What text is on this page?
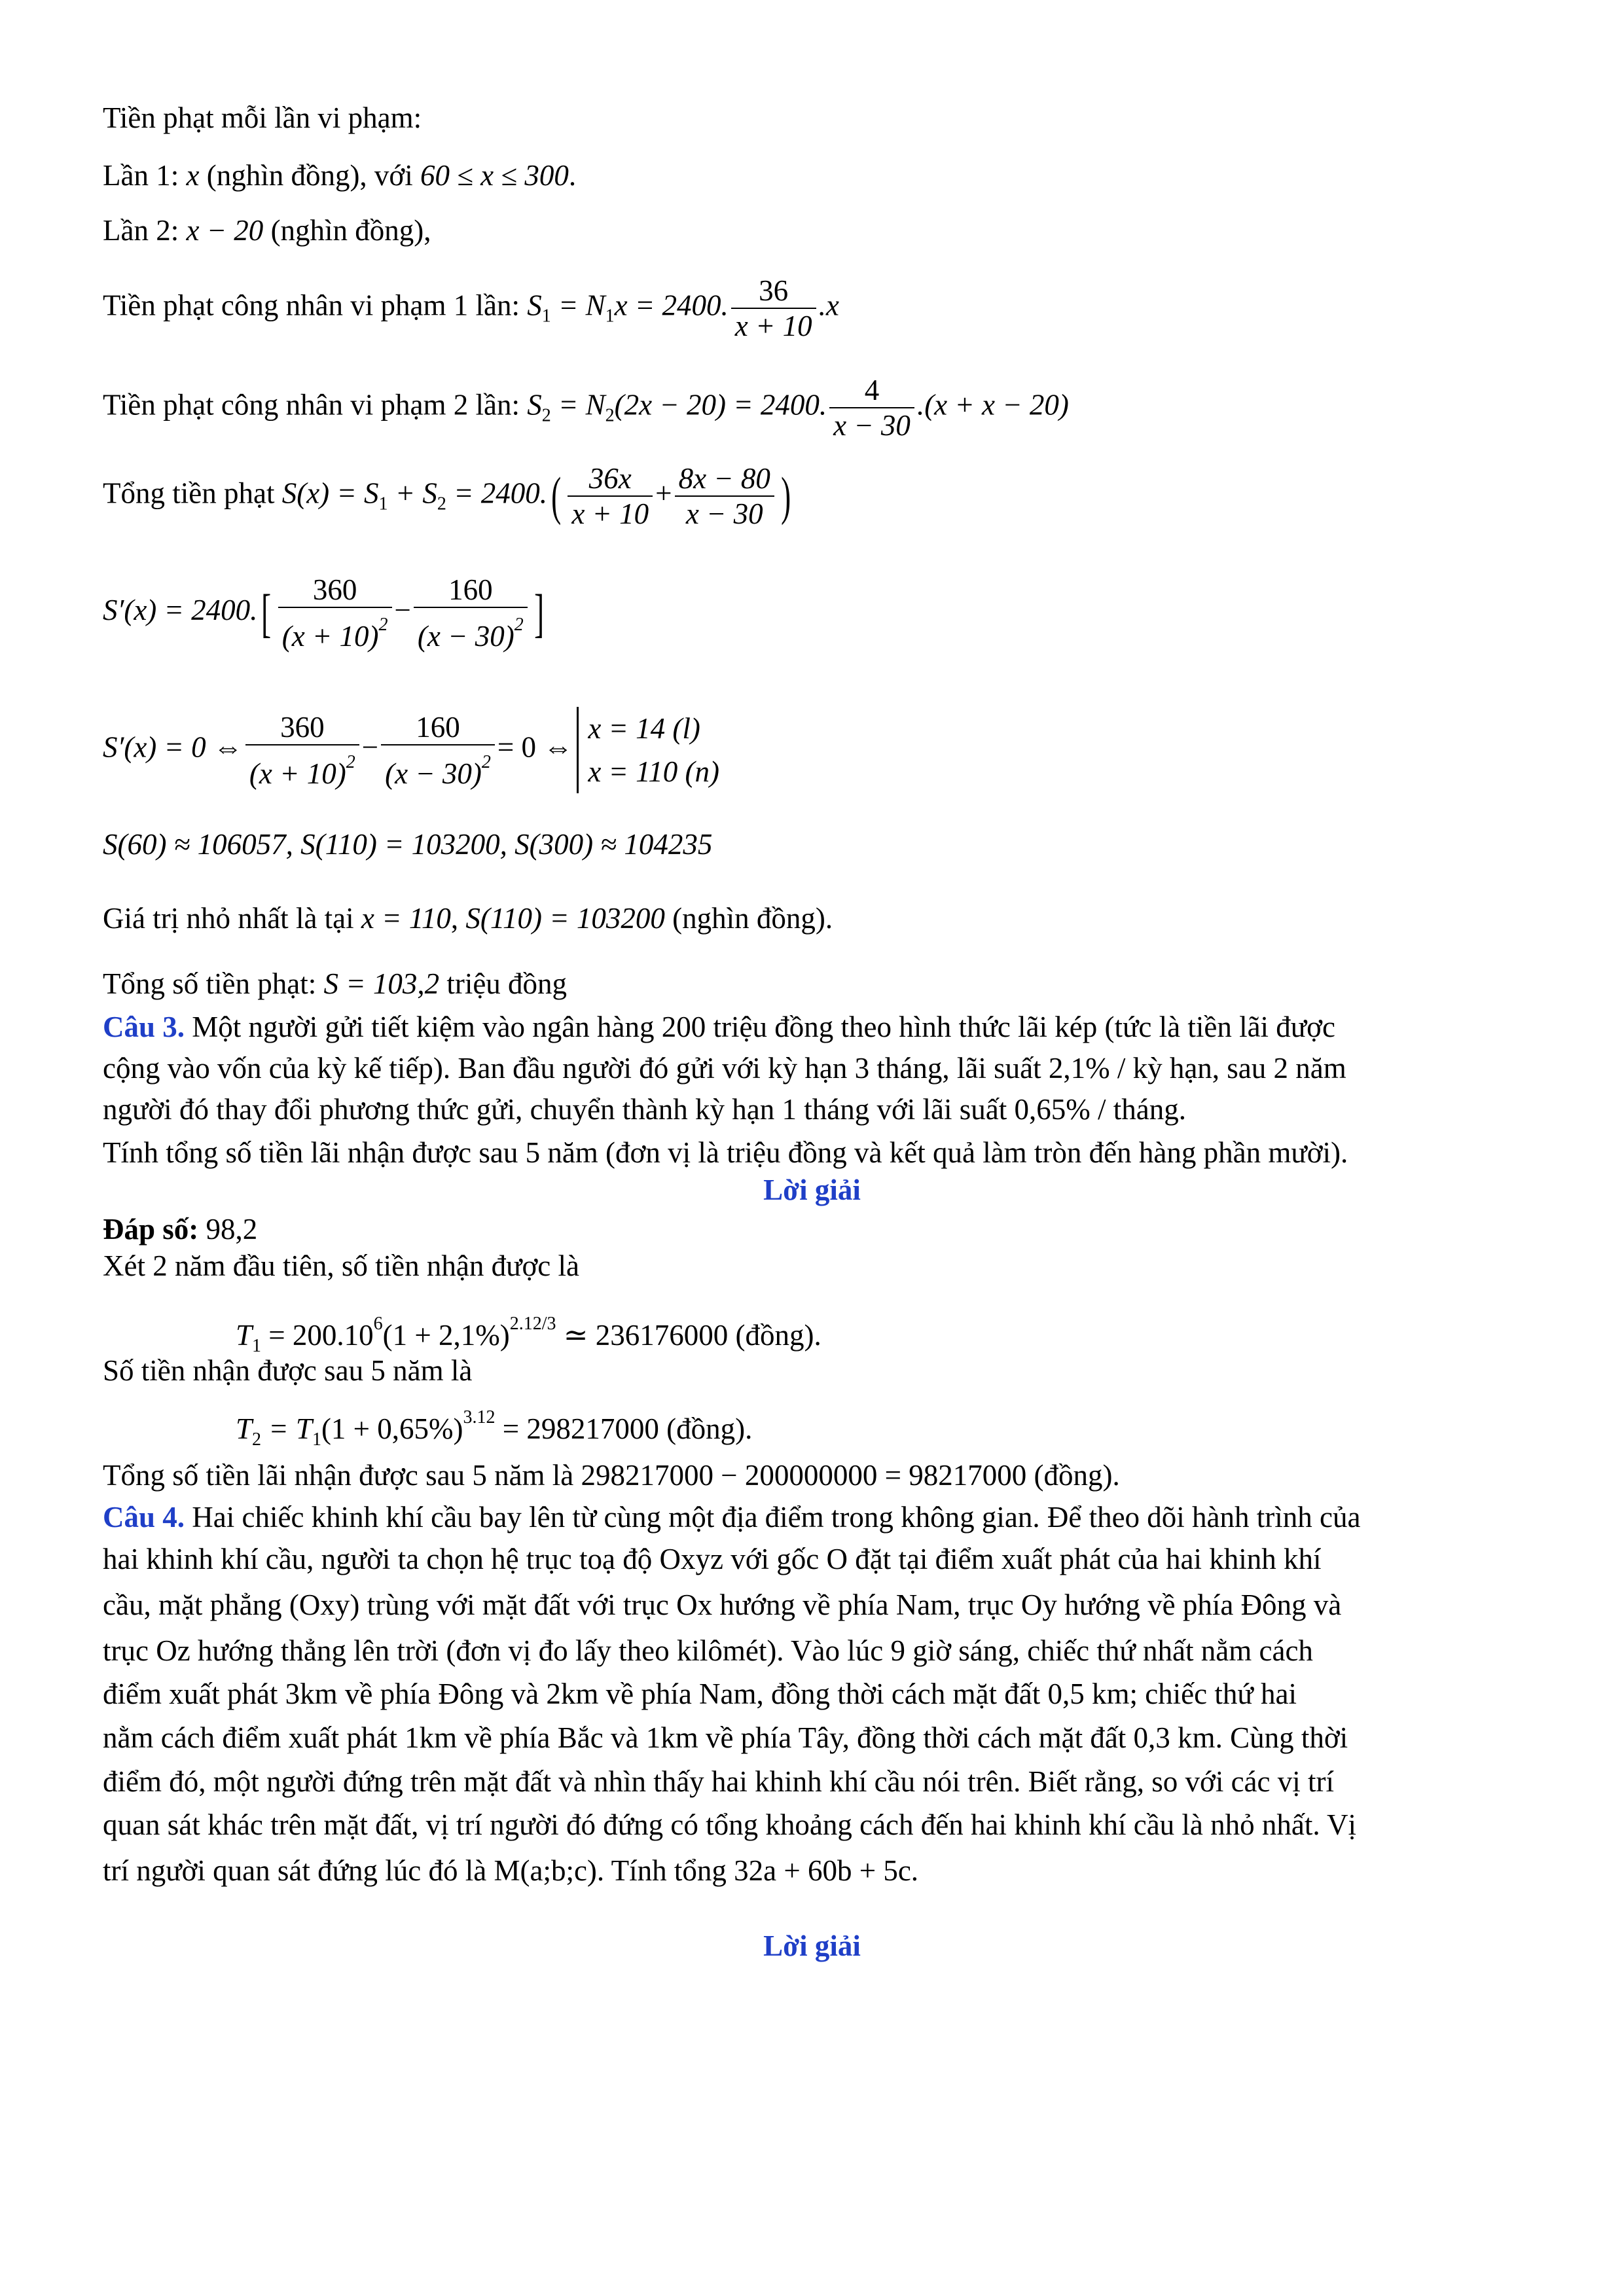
Tiền phạt mỗi lần vi phạm:
Lần 1: x (nghìn đồng), với 60 ≤ x ≤ 300.
Lần 2: x − 20 (nghìn đồng),
Tiền phạt công nhân vi phạm 1 lần: $S_1 = N_1x = 2400$. $\frac{36}{x + 10} .x$
Tiền phạt công nhân vi phạm 2 lần: $S_2 = N_2(2x - 20) = 2400$. $\frac{4}{x - 30} .(x + x - 20)$
Tổng tiền phạt $S(x) = S_1 + S_2 = 2400.( \frac{36x}{x + 10} + \frac{8x - 80}{x - 30}$ )
$S'(x) = 2400.[ \frac{360}{(x + 10)^2} - \frac{160}{(x - 30)^2}$ ]
S′(x) = 0 ⇔ $\frac{360}{(x + 10)^2} - \frac{160}{(x - 30)^2} = 0$ ⇔
x = 14 (l)
x = 110 (n)
S(60) ≈ 106057, S(110) = 103200, S(300) ≈ 104235
Giá trị nhỏ nhất là tại x = 110, S(110) = 103200 (nghìn đồng).
Tổng số tiền phạt: S = 103,2 triệu đồng
Câu 3. Một người gửi tiết kiệm vào ngân hàng 200 triệu đồng theo hình thức lãi kép (tức là tiền lãi được
cộng vào vốn của kỳ kế tiếp). Ban đầu người đó gửi với kỳ hạn 3 tháng, lãi suất 2,1% / kỳ hạn, sau 2 năm
người đó thay đổi phương thức gửi, chuyển thành kỳ hạn 1 tháng với lãi suất 0,65% / tháng.
Tính tổng số tiền lãi nhận được sau 5 năm (đơn vị là triệu đồng và kết quả làm tròn đến hàng phần mười).
Lời giải
Đáp số: 98,2
Xét 2 năm đầu tiên, số tiền nhận được là
$T_1 = 200.10^6(1 + 2,1\%)^{2.12/3}$ ≃ 236176000 (đồng).
Số tiền nhận được sau 5 năm là
$T_2 = T_1(1 + 0,65\%)^{3.12} = 298217000$ (đồng).
Tổng số tiền lãi nhận được sau 5 năm là 298217000 − 200000000 = 98217000 (đồng).
Câu 4. Hai chiếc khinh khí cầu bay lên từ cùng một địa điểm trong không gian. Để theo dõi hành trình của
hai khinh khí cầu, người ta chọn hệ trục toạ độ Oxyz với gốc O đặt tại điểm xuất phát của hai khinh khí
cầu, mặt phẳng (Oxy) trùng với mặt đất với trục Ox hướng về phía Nam, trục Oy hướng về phía Đông và
trục Oz hướng thẳng lên trời (đơn vị đo lấy theo kilômét). Vào lúc 9 giờ sáng, chiếc thứ nhất nằm cách
điểm xuất phát 3km về phía Đông và 2km về phía Nam, đồng thời cách mặt đất 0,5 km; chiếc thứ hai
nằm cách điểm xuất phát 1km về phía Bắc và 1km về phía Tây, đồng thời cách mặt đất 0,3 km. Cùng thời
điểm đó, một người đứng trên mặt đất và nhìn thấy hai khinh khí cầu nói trên. Biết rằng, so với các vị trí
quan sát khác trên mặt đất, vị trí người đó đứng có tổng khoảng cách đến hai khinh khí cầu là nhỏ nhất. Vị
trí người quan sát đứng lúc đó là M(a;b;c). Tính tổng 32a + 60b + 5c.
Lời giải
